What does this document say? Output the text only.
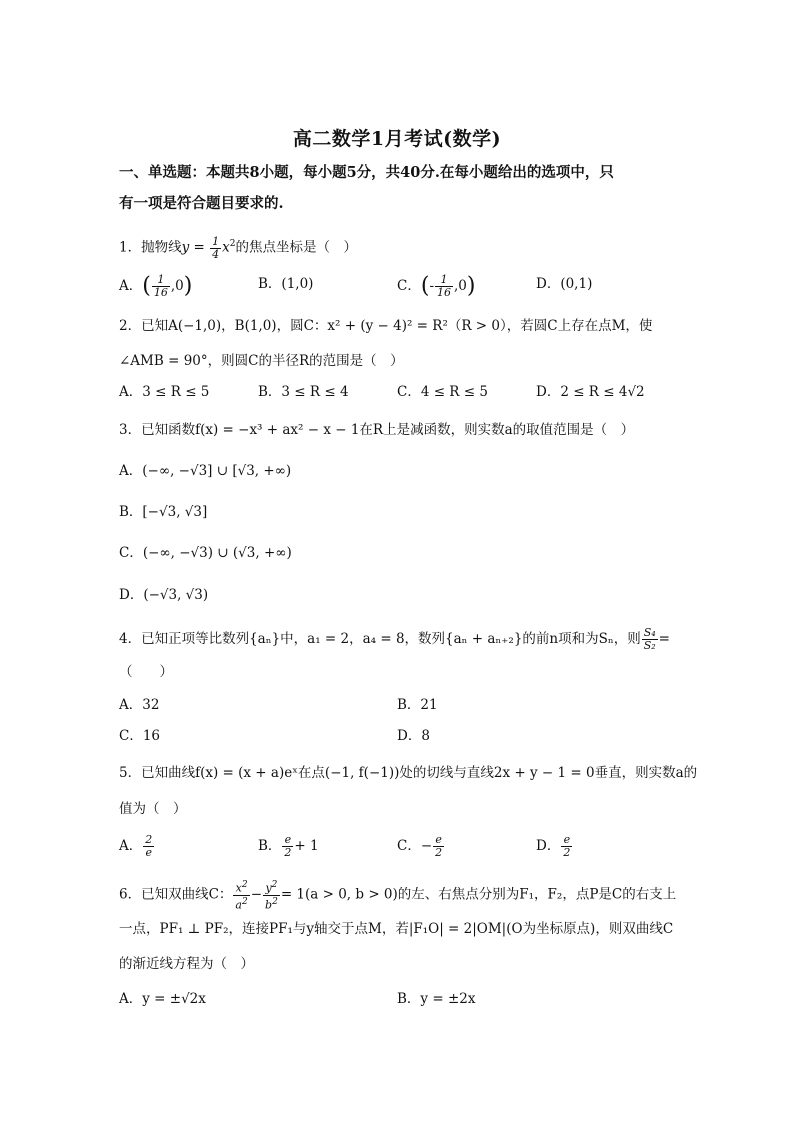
高二数学1月考试(数学)
一、单选题：本题共8小题，每小题5分，共40分.在每小题给出的选项中，只
有一项是符合题目要求的.
1．抛物线$y = \frac{1}{4} x^2$的焦点坐标是（　）
A．( $\frac{1}{16} ,0$)	B．(1,0)	C．(- $\frac{1}{16} ,0$)	D．(0,1)
2．已知A(−1,0)，B(1,0)，圆C：x² + (y − 4)² = R²（R > 0），若圆C上存在点M，使
∠AMB = 90°，则圆C的半径R的范围是（　）
A．3 ≤ R ≤ 5	B．3 ≤ R ≤ 4	C．4 ≤ R ≤ 5	D．2 ≤ R ≤ 4√2
3．已知函数f(x) = −x³ + ax² − x − 1在R上是减函数，则实数a的取值范围是（　）
A．(−∞, −√3] ∪ [√3, +∞)
B．[−√3, √3]
C．(−∞, −√3) ∪ (√3, +∞)
D．(−√3, √3)
4．已知正项等比数列{aₙ}中，a₁ = 2，a₄ = 8，数列{aₙ + aₙ₊₂}的前n项和为Sₙ，则 $\frac{\text{S₄}}{\text{S₂}}$ =
（　　）
A．32	B．21
C．16	D．8
5．已知曲线f(x) = (x + a)eˣ在点(−1, f(−1))处的切线与直线2x + y − 1 = 0垂直，则实数a的
值为（　）
A． $\frac{2}{e}$	B． $\frac{e}{2} + 1$	C．− $\frac{e}{2}$	D． $\frac{e}{2}$
6．已知双曲线C： $\frac{x^2}{a^2} - \frac{y^2}{b^2} = 1(a > 0$, b > 0)的左、右焦点分别为F₁，F₂，点P是C的右支上
一点，PF₁ ⊥ PF₂，连接PF₁与y轴交于点M，若|F₁O| = 2|OM|(O为坐标原点)，则双曲线C
的渐近线方程为（　）
A．y = ±√2x	B．y = ±2x
